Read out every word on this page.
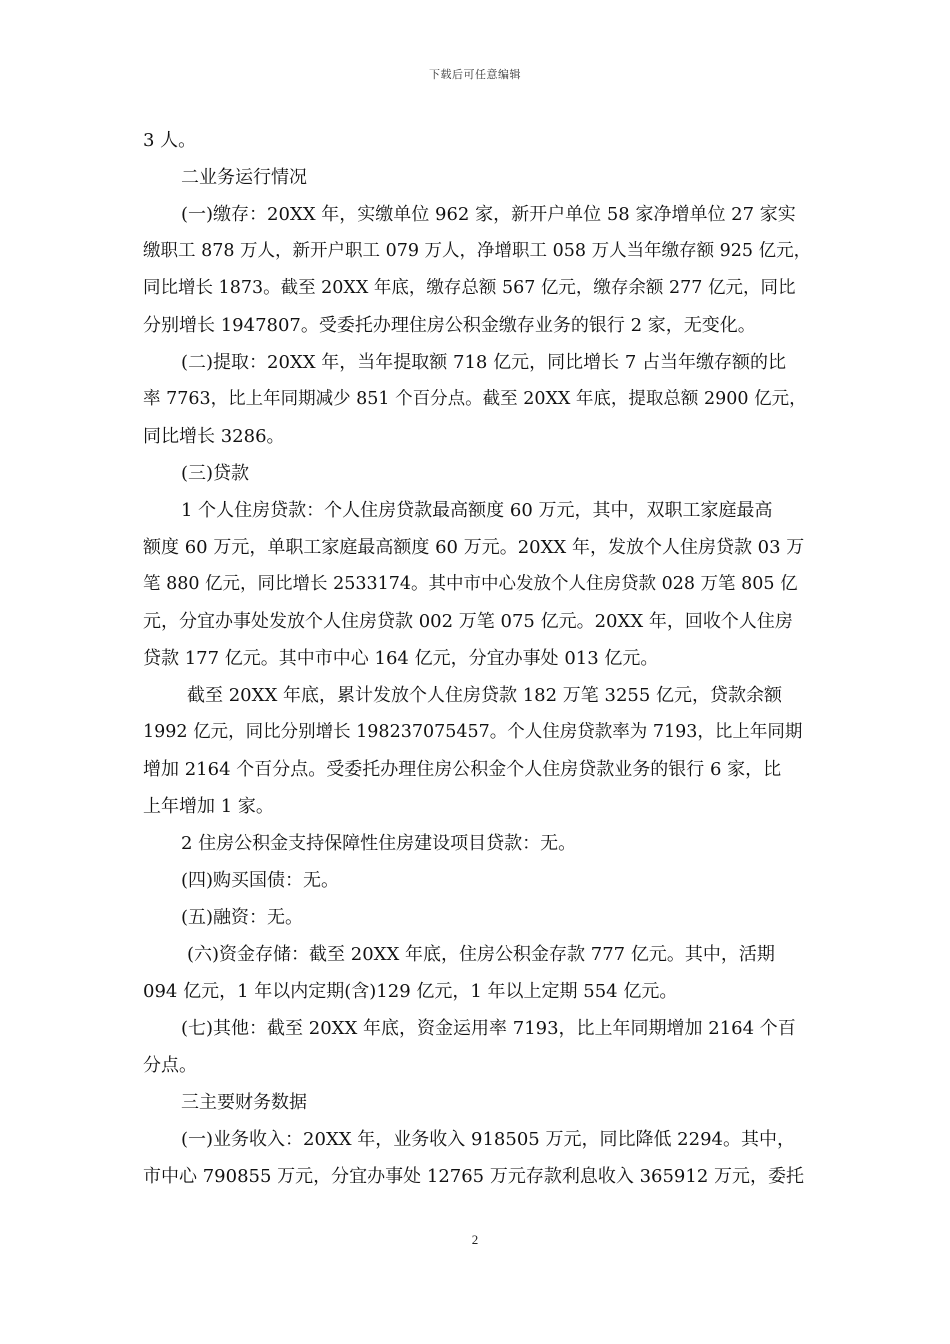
下载后可任意编辑
3 人。
二业务运行情况
(一)缴存：20XX 年，实缴单位 962 家，新开户单位 58 家净增单位 27 家实
缴职工 878 万人，新开户职工 079 万人，净增职工 058 万人当年缴存额 925 亿元，
同比增长 1873。截至 20XX 年底，缴存总额 567 亿元，缴存余额 277 亿元，同比
分别增长 1947807。受委托办理住房公积金缴存业务的银行 2 家，无变化。
(二)提取：20XX 年，当年提取额 718 亿元，同比增长 7 占当年缴存额的比
率 7763，比上年同期减少 851 个百分点。截至 20XX 年底，提取总额 2900 亿元，
同比增长 3286。
(三)贷款
1 个人住房贷款：个人住房贷款最高额度 60 万元，其中，双职工家庭最高
额度 60 万元，单职工家庭最高额度 60 万元。20XX 年，发放个人住房贷款 03 万
笔 880 亿元，同比增长 2533174。其中市中心发放个人住房贷款 028 万笔 805 亿
元，分宜办事处发放个人住房贷款 002 万笔 075 亿元。20XX 年，回收个人住房
贷款 177 亿元。其中市中心 164 亿元，分宜办事处 013 亿元。
截至 20XX 年底，累计发放个人住房贷款 182 万笔 3255 亿元，贷款余额
1992 亿元，同比分别增长 198237075457。个人住房贷款率为 7193，比上年同期
增加 2164 个百分点。受委托办理住房公积金个人住房贷款业务的银行 6 家，比
上年增加 1 家。
2 住房公积金支持保障性住房建设项目贷款：无。
(四)购买国债：无。
(五)融资：无。
(六)资金存储：截至 20XX 年底，住房公积金存款 777 亿元。其中，活期
094 亿元，1 年以内定期(含)129 亿元，1 年以上定期 554 亿元。
(七)其他：截至 20XX 年底，资金运用率 7193，比上年同期增加 2164 个百
分点。
三主要财务数据
(一)业务收入：20XX 年，业务收入 918505 万元，同比降低 2294。其中，
市中心 790855 万元，分宜办事处 12765 万元存款利息收入 365912 万元，委托
2
